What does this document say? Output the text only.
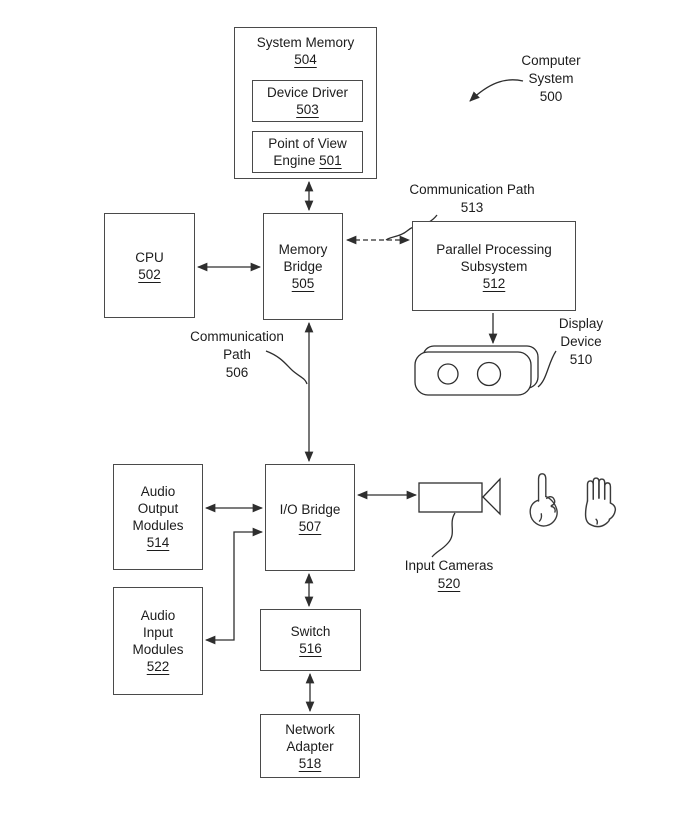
System Memory
504
Device Driver
503
Point of View
Engine 501
CPU
502
Memory
Bridge
505
Parallel Processing
Subsystem
512
Audio
Output
Modules
514
I/O Bridge
507
Audio
Input
Modules
522
Switch
516
Network
Adapter
518
Computer
System
500
Communication Path
513
Communication
Path
506
Display
Device
510
Input Cameras
520
